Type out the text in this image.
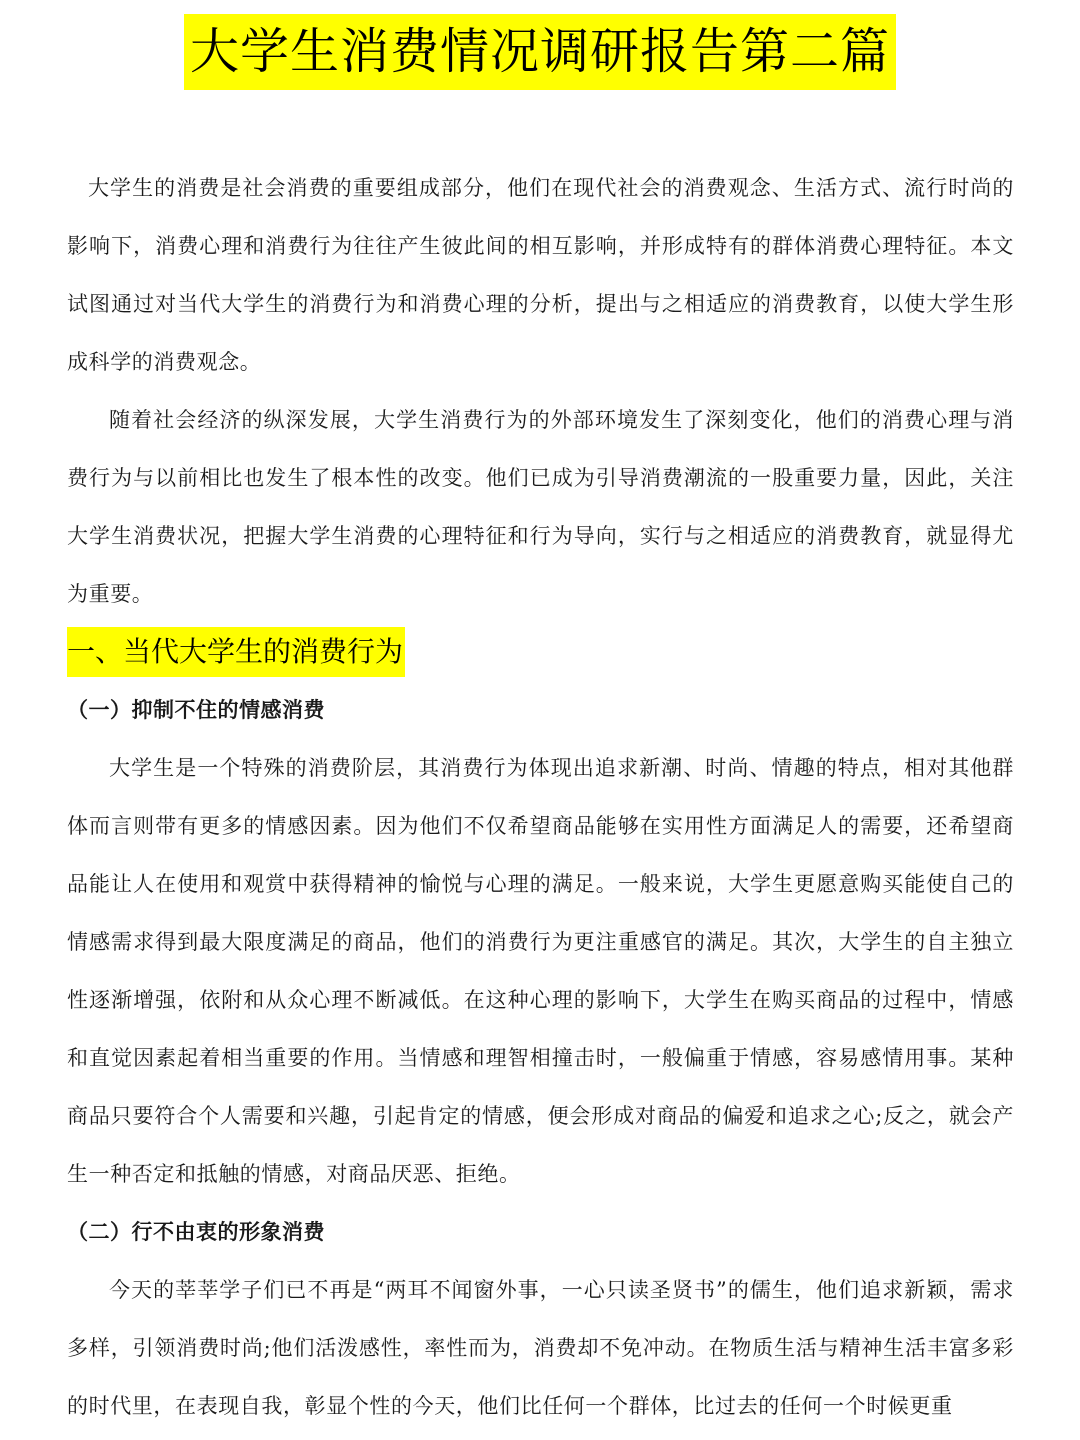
大学生消费情况调研报告第二篇

大学生的消费是社会消费的重要组成部分，他们在现代社会的消费观念、生活方式、流行时尚的影响下，消费心理和消费行为往往产生彼此间的相互影响，并形成特有的群体消费心理特征。本文试图通过对当代大学生的消费行为和消费心理的分析，提出与之相适应的消费教育，以使大学生形成科学的消费观念。

随着社会经济的纵深发展，大学生消费行为的外部环境发生了深刻变化，他们的消费心理与消费行为与以前相比也发生了根本性的改变。他们已成为引导消费潮流的一股重要力量，因此，关注大学生消费状况，把握大学生消费的心理特征和行为导向，实行与之相适应的消费教育，就显得尤为重要。

一、当代大学生的消费行为
（一）抑制不住的情感消费

大学生是一个特殊的消费阶层，其消费行为体现出追求新潮、时尚、情趣的特点，相对其他群体而言则带有更多的情感因素。因为他们不仅希望商品能够在实用性方面满足人的需要，还希望商品能让人在使用和观赏中获得精神的愉悦与心理的满足。一般来说，大学生更愿意购买能使自己的情感需求得到最大限度满足的商品，他们的消费行为更注重感官的满足。其次，大学生的自主独立性逐渐增强，依附和从众心理不断减低。在这种心理的影响下，大学生在购买商品的过程中，情感和直觉因素起着相当重要的作用。当情感和理智相撞击时，一般偏重于情感，容易感情用事。某种商品只要符合个人需要和兴趣，引起肯定的情感，便会形成对商品的偏爱和追求之心;反之，就会产生一种否定和抵触的情感，对商品厌恶、拒绝。

（二）行不由衷的形象消费

今天的莘莘学子们已不再是“两耳不闻窗外事，一心只读圣贤书”的儒生，他们追求新颖，需求多样，引领消费时尚;他们活泼感性，率性而为，消费却不免冲动。在物质生活与精神生活丰富多彩的时代里，在表现自我，彰显个性的今天，他们比任何一个群体，比过去的任何一个时候更重
